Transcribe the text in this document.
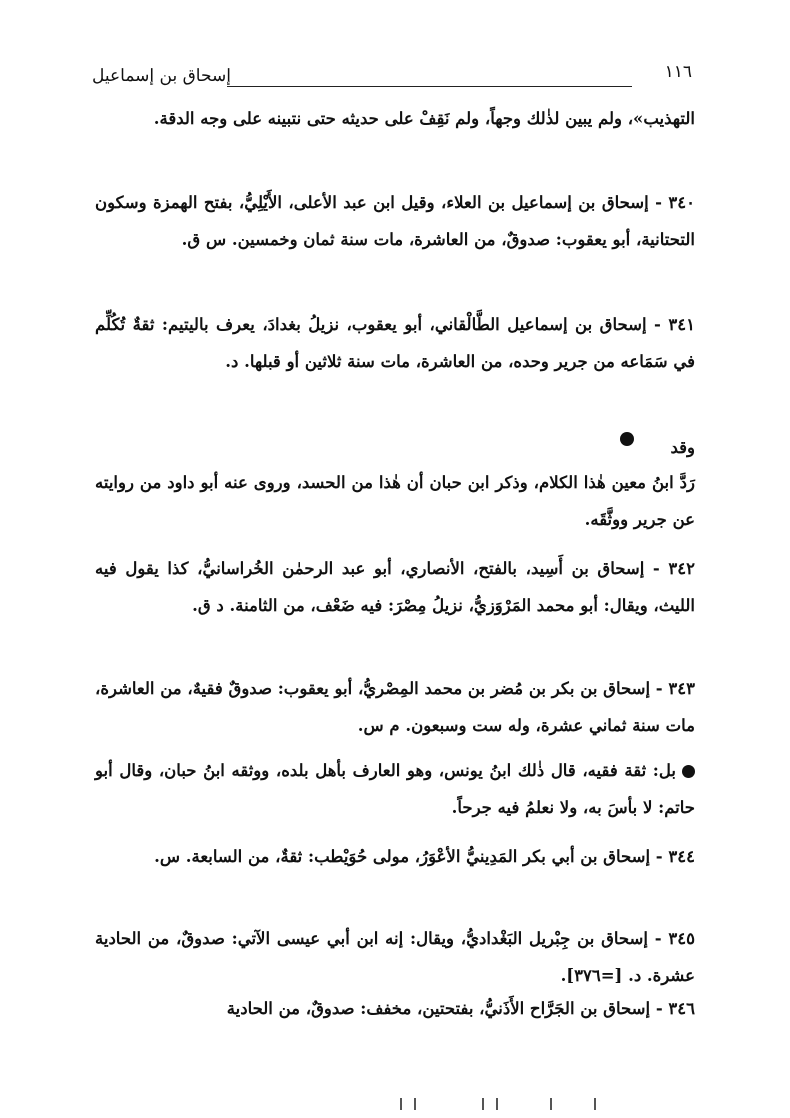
١١٦
إسحاق بن إسماعيل
التهذيب»، ولم يبين لذٰلك وجهاً، ولم نَقِفْ على حديثه حتى نتبينه على وجه الدقة.
٣٤٠ - إسحاق بن إسماعيل بن العلاء، وقيل ابن عبد الأعلى، الأَيْلِيُّ، بفتح الهمزة وسكون التحتانية، أبو يعقوب: صدوقٌ، من العاشرة، مات سنة ثمان وخمسين. س ق.
٣٤١ - إسحاق بن إسماعيل الطَّالْقاني، أبو يعقوب، نزيلُ بغدادَ، يعرف باليتيم: ثقةٌ تُكُلِّم في سَمَاعه من جرير وحده، من العاشرة، مات سنة ثلاثين أو قبلها. د.
وقد
رَدَّ ابنُ معين هٰذا الكلام، وذكر ابن حبان أن هٰذا من الحسد، وروى عنه أبو داود من روايته عن جرير ووثَّقَه.
٣٤٢ - إسحاق بن أَسِيد، بالفتح، الأنصاري، أبو عبد الرحمٰن الخُراسانيُّ، كذا يقول فيه الليث، ويقال: أبو محمد المَرْوَزيُّ، نزيلُ مِصْرَ: فيه ضَعْف، من الثامنة. د ق.
٣٤٣ - إسحاق بن بكر بن مُضر بن محمد المِصْريُّ، أبو يعقوب: صدوقٌ فقيهٌ، من العاشرة، مات سنة ثماني عشرة، وله ست وسبعون. م س.
بل: ثقة فقيه، قال ذٰلك ابنُ يونس، وهو العارف بأهل بلده، ووثقه ابنُ حبان، وقال أبو حاتم: لا بأسَ به، ولا نعلمُ فيه جرحاً.
٣٤٤ - إسحاق بن أبي بكر المَدِينيُّ الأعْوَرُ، مولى حُوَيْطب: ثقةٌ، من السابعة. س.
٣٤٥ - إسحاق بن جِبْريل البَغْداديُّ، ويقال: إنه ابن أبي عيسى الآتي: صدوقٌ، من الحادية عشرة. د. [=٣٧٦].
٣٤٦ - إسحاق بن الجَرَّاح الأَذَنيُّ، بفتحتين، مخفف: صدوقٌ، من الحادية
